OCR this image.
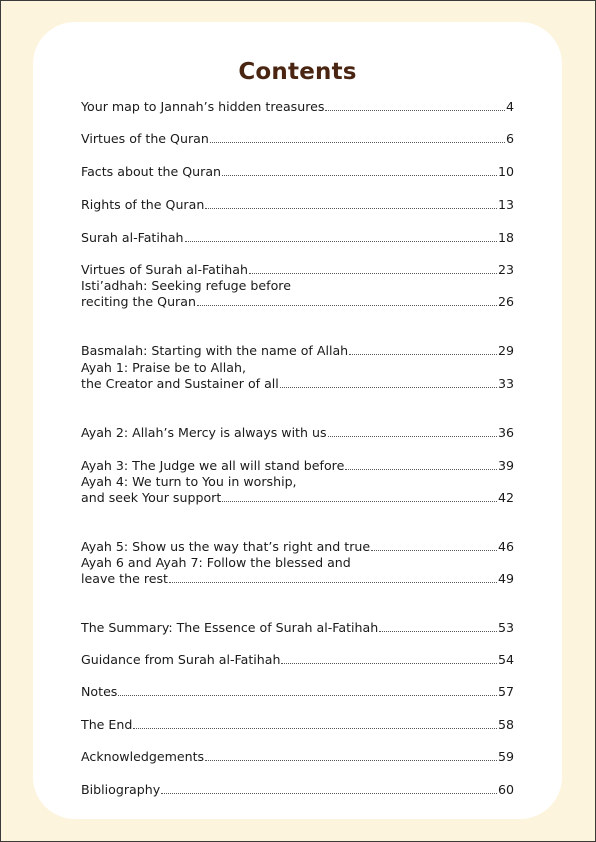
Contents
Your map to Jannah’s hidden treasures	4
Virtues of the Quran	6
Facts about the Quran	10
Rights of the Quran	13
Surah al-Fatihah	18
Virtues of Surah al-Fatihah	23
Isti’adhah: Seeking refuge before
reciting the Quran	26
Basmalah: Starting with the name of Allah	29
Ayah 1: Praise be to Allah,
the Creator and Sustainer of all	33
Ayah 2: Allah’s Mercy is always with us	36
Ayah 3: The Judge we all will stand before	39
Ayah 4: We turn to You in worship,
and seek Your support	42
Ayah 5: Show us the way that’s right and true	46
Ayah 6 and Ayah 7: Follow the blessed and
leave the rest	49
The Summary: The Essence of Surah al-Fatihah	53
Guidance from Surah al-Fatihah	54
Notes	57
The End	58
Acknowledgements	59
Bibliography	60
